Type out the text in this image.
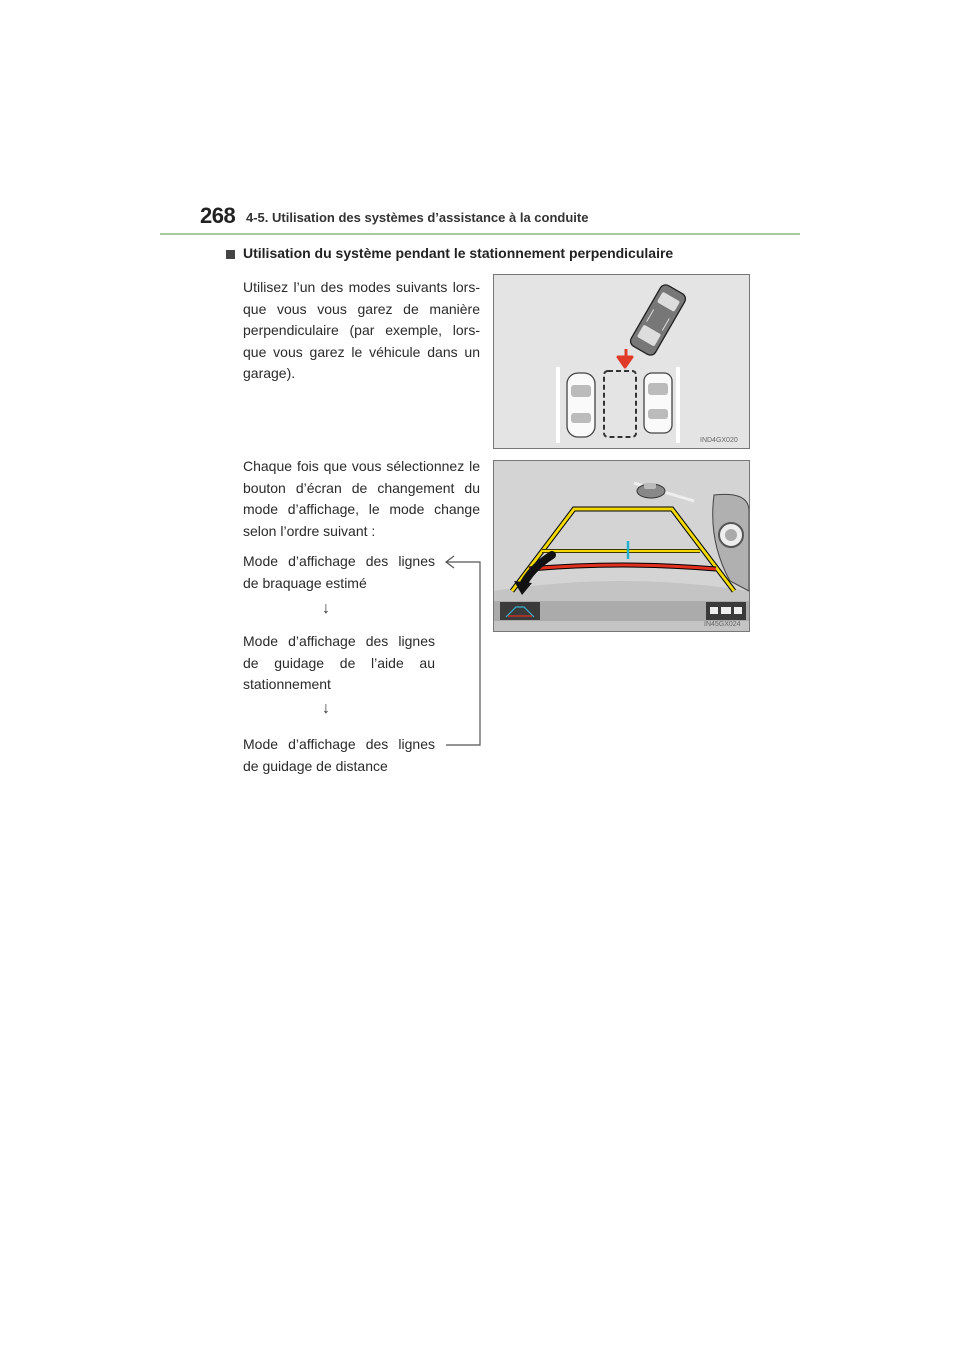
268 4-5. Utilisation des systèmes d’assistance à la conduite
Utilisation du système pendant le stationnement perpendiculaire
Utilisez l’un des modes suivants lors-que vous vous garez de manière perpendiculaire (par exemple, lors-que vous garez le véhicule dans un garage).
Chaque fois que vous sélectionnez le bouton d’écran de changement du mode d’affichage, le mode change selon l’ordre suivant :
Mode d’affichage des lignes de braquage estimé
↓
Mode d’affichage des lignes de guidage de l’aide au stationnement
↓
Mode d’affichage des lignes de guidage de distance
IND4GX020
IN45GX024
